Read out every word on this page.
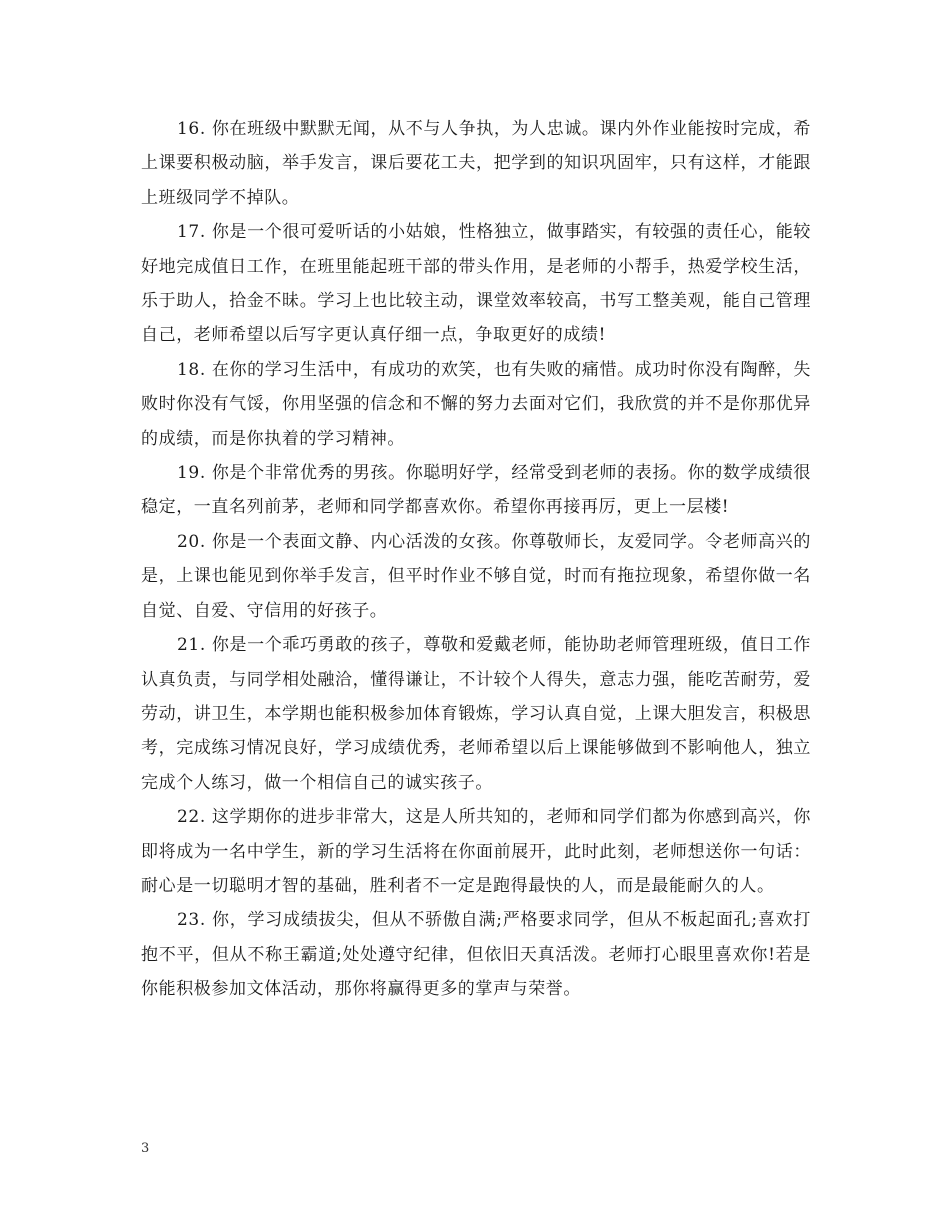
16. 你在班级中默默无闻，从不与人争执，为人忠诚。课内外作业能按时完成，希上课要积极动脑，举手发言，课后要花工夫，把学到的知识巩固牢，只有这样，才能跟上班级同学不掉队。

17. 你是一个很可爱听话的小姑娘，性格独立，做事踏实，有较强的责任心，能较好地完成值日工作，在班里能起班干部的带头作用，是老师的小帮手，热爱学校生活，乐于助人，拾金不昧。学习上也比较主动，课堂效率较高，书写工整美观，能自己管理自己，老师希望以后写字更认真仔细一点，争取更好的成绩!

18. 在你的学习生活中，有成功的欢笑，也有失败的痛惜。成功时你没有陶醉，失败时你没有气馁，你用坚强的信念和不懈的努力去面对它们，我欣赏的并不是你那优异的成绩，而是你执着的学习精神。

19. 你是个非常优秀的男孩。你聪明好学，经常受到老师的表扬。你的数学成绩很稳定，一直名列前茅，老师和同学都喜欢你。希望你再接再厉，更上一层楼!

20. 你是一个表面文静、内心活泼的女孩。你尊敬师长，友爱同学。令老师高兴的是，上课也能见到你举手发言，但平时作业不够自觉，时而有拖拉现象，希望你做一名自觉、自爱、守信用的好孩子。

21. 你是一个乖巧勇敢的孩子，尊敬和爱戴老师，能协助老师管理班级，值日工作认真负责，与同学相处融洽，懂得谦让，不计较个人得失，意志力强，能吃苦耐劳，爱劳动，讲卫生，本学期也能积极参加体育锻炼，学习认真自觉，上课大胆发言，积极思考，完成练习情况良好，学习成绩优秀，老师希望以后上课能够做到不影响他人，独立完成个人练习，做一个相信自己的诚实孩子。

22. 这学期你的进步非常大，这是人所共知的，老师和同学们都为你感到高兴，你即将成为一名中学生，新的学习生活将在你面前展开，此时此刻，老师想送你一句话：耐心是一切聪明才智的基础，胜利者不一定是跑得最快的人，而是最能耐久的人。

23. 你，学习成绩拔尖，但从不骄傲自满;严格要求同学，但从不板起面孔;喜欢打抱不平，但从不称王霸道;处处遵守纪律，但依旧天真活泼。老师打心眼里喜欢你!若是你能积极参加文体活动，那你将赢得更多的掌声与荣誉。

3
